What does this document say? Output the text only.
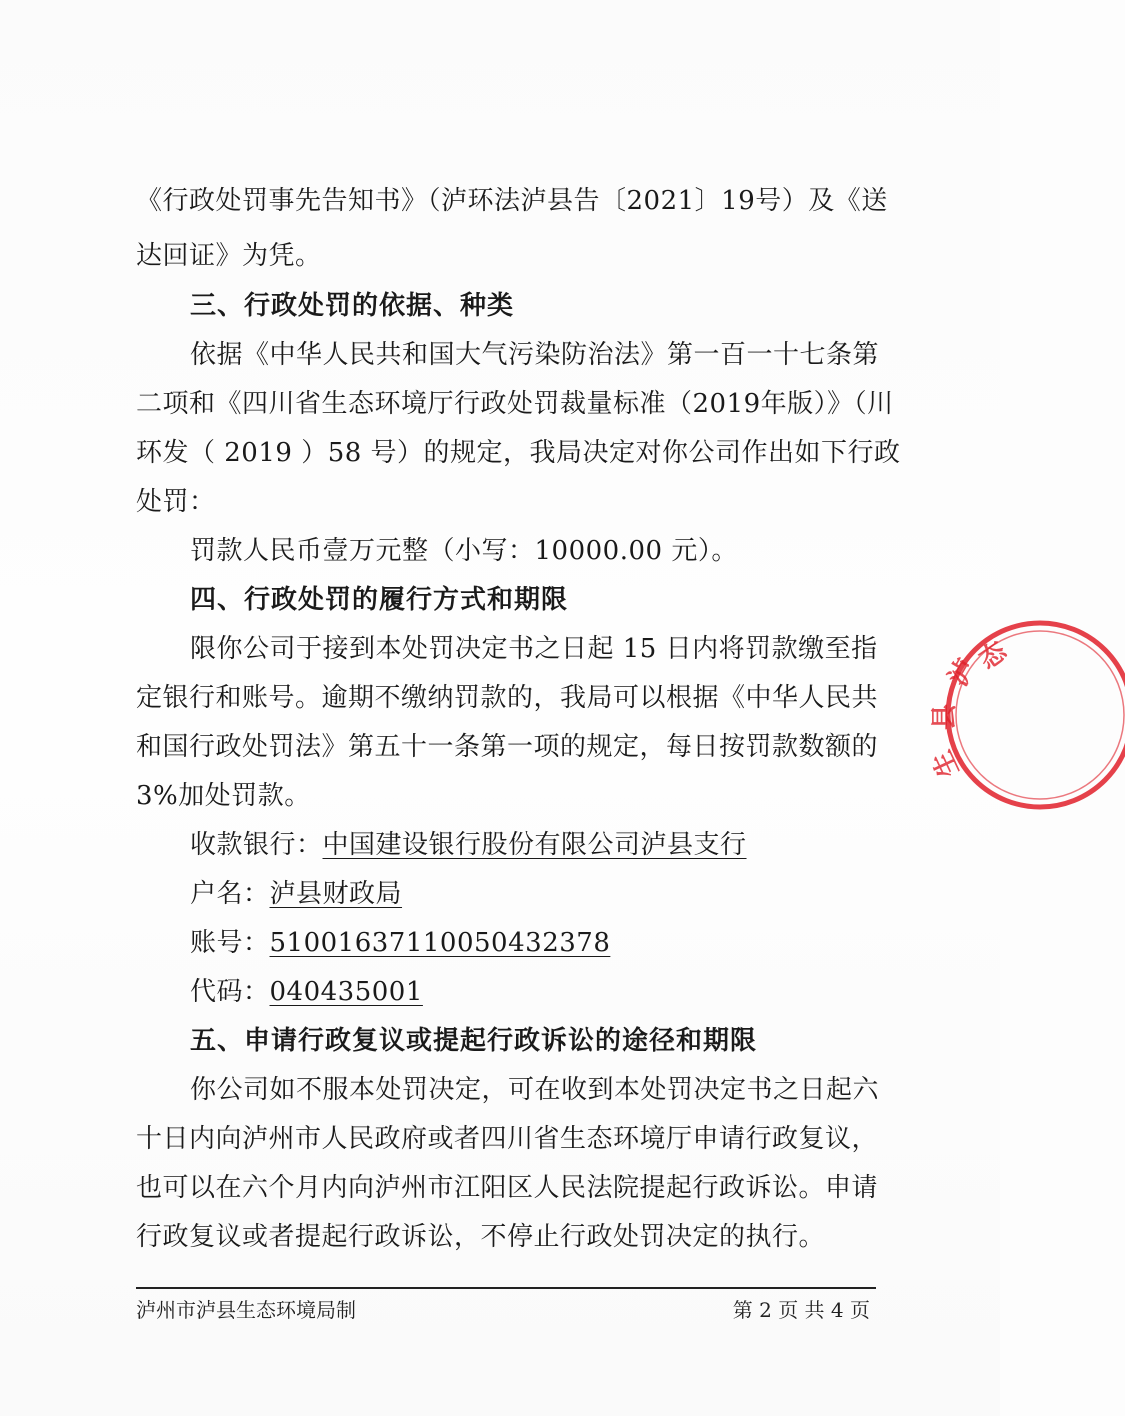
《行政处罚事先告知书》（泸环法泸县告〔2021〕19号）及《送
达回证》为凭。
三、行政处罚的依据、种类
依据《中华人民共和国大气污染防治法》第一百一十七条第
二项和《四川省生态环境厅行政处罚裁量标准（2019年版）》（川
环发（ 2019 ）58 号）的规定，我局决定对你公司作出如下行政
处罚：
罚款人民币壹万元整（小写：10000.00 元）。
四、行政处罚的履行方式和期限
限你公司于接到本处罚决定书之日起 15 日内将罚款缴至指
定银行和账号。逾期不缴纳罚款的，我局可以根据《中华人民共
和国行政处罚法》第五十一条第一项的规定，每日按罚款数额的
3%加处罚款。
收款银行：中国建设银行股份有限公司泸县支行
户名：泸县财政局
账号：51001637110050432378
代码：040435001
五、申请行政复议或提起行政诉讼的途径和期限
你公司如不服本处罚决定，可在收到本处罚决定书之日起六
十日内向泸州市人民政府或者四川省生态环境厅申请行政复议，
也可以在六个月内向泸州市江阳区人民法院提起行政诉讼。申请
行政复议或者提起行政诉讼，不停止行政处罚决定的执行。
泸州市泸县生态环境局制	第 2 页 共 4 页
泸
县
生
态
